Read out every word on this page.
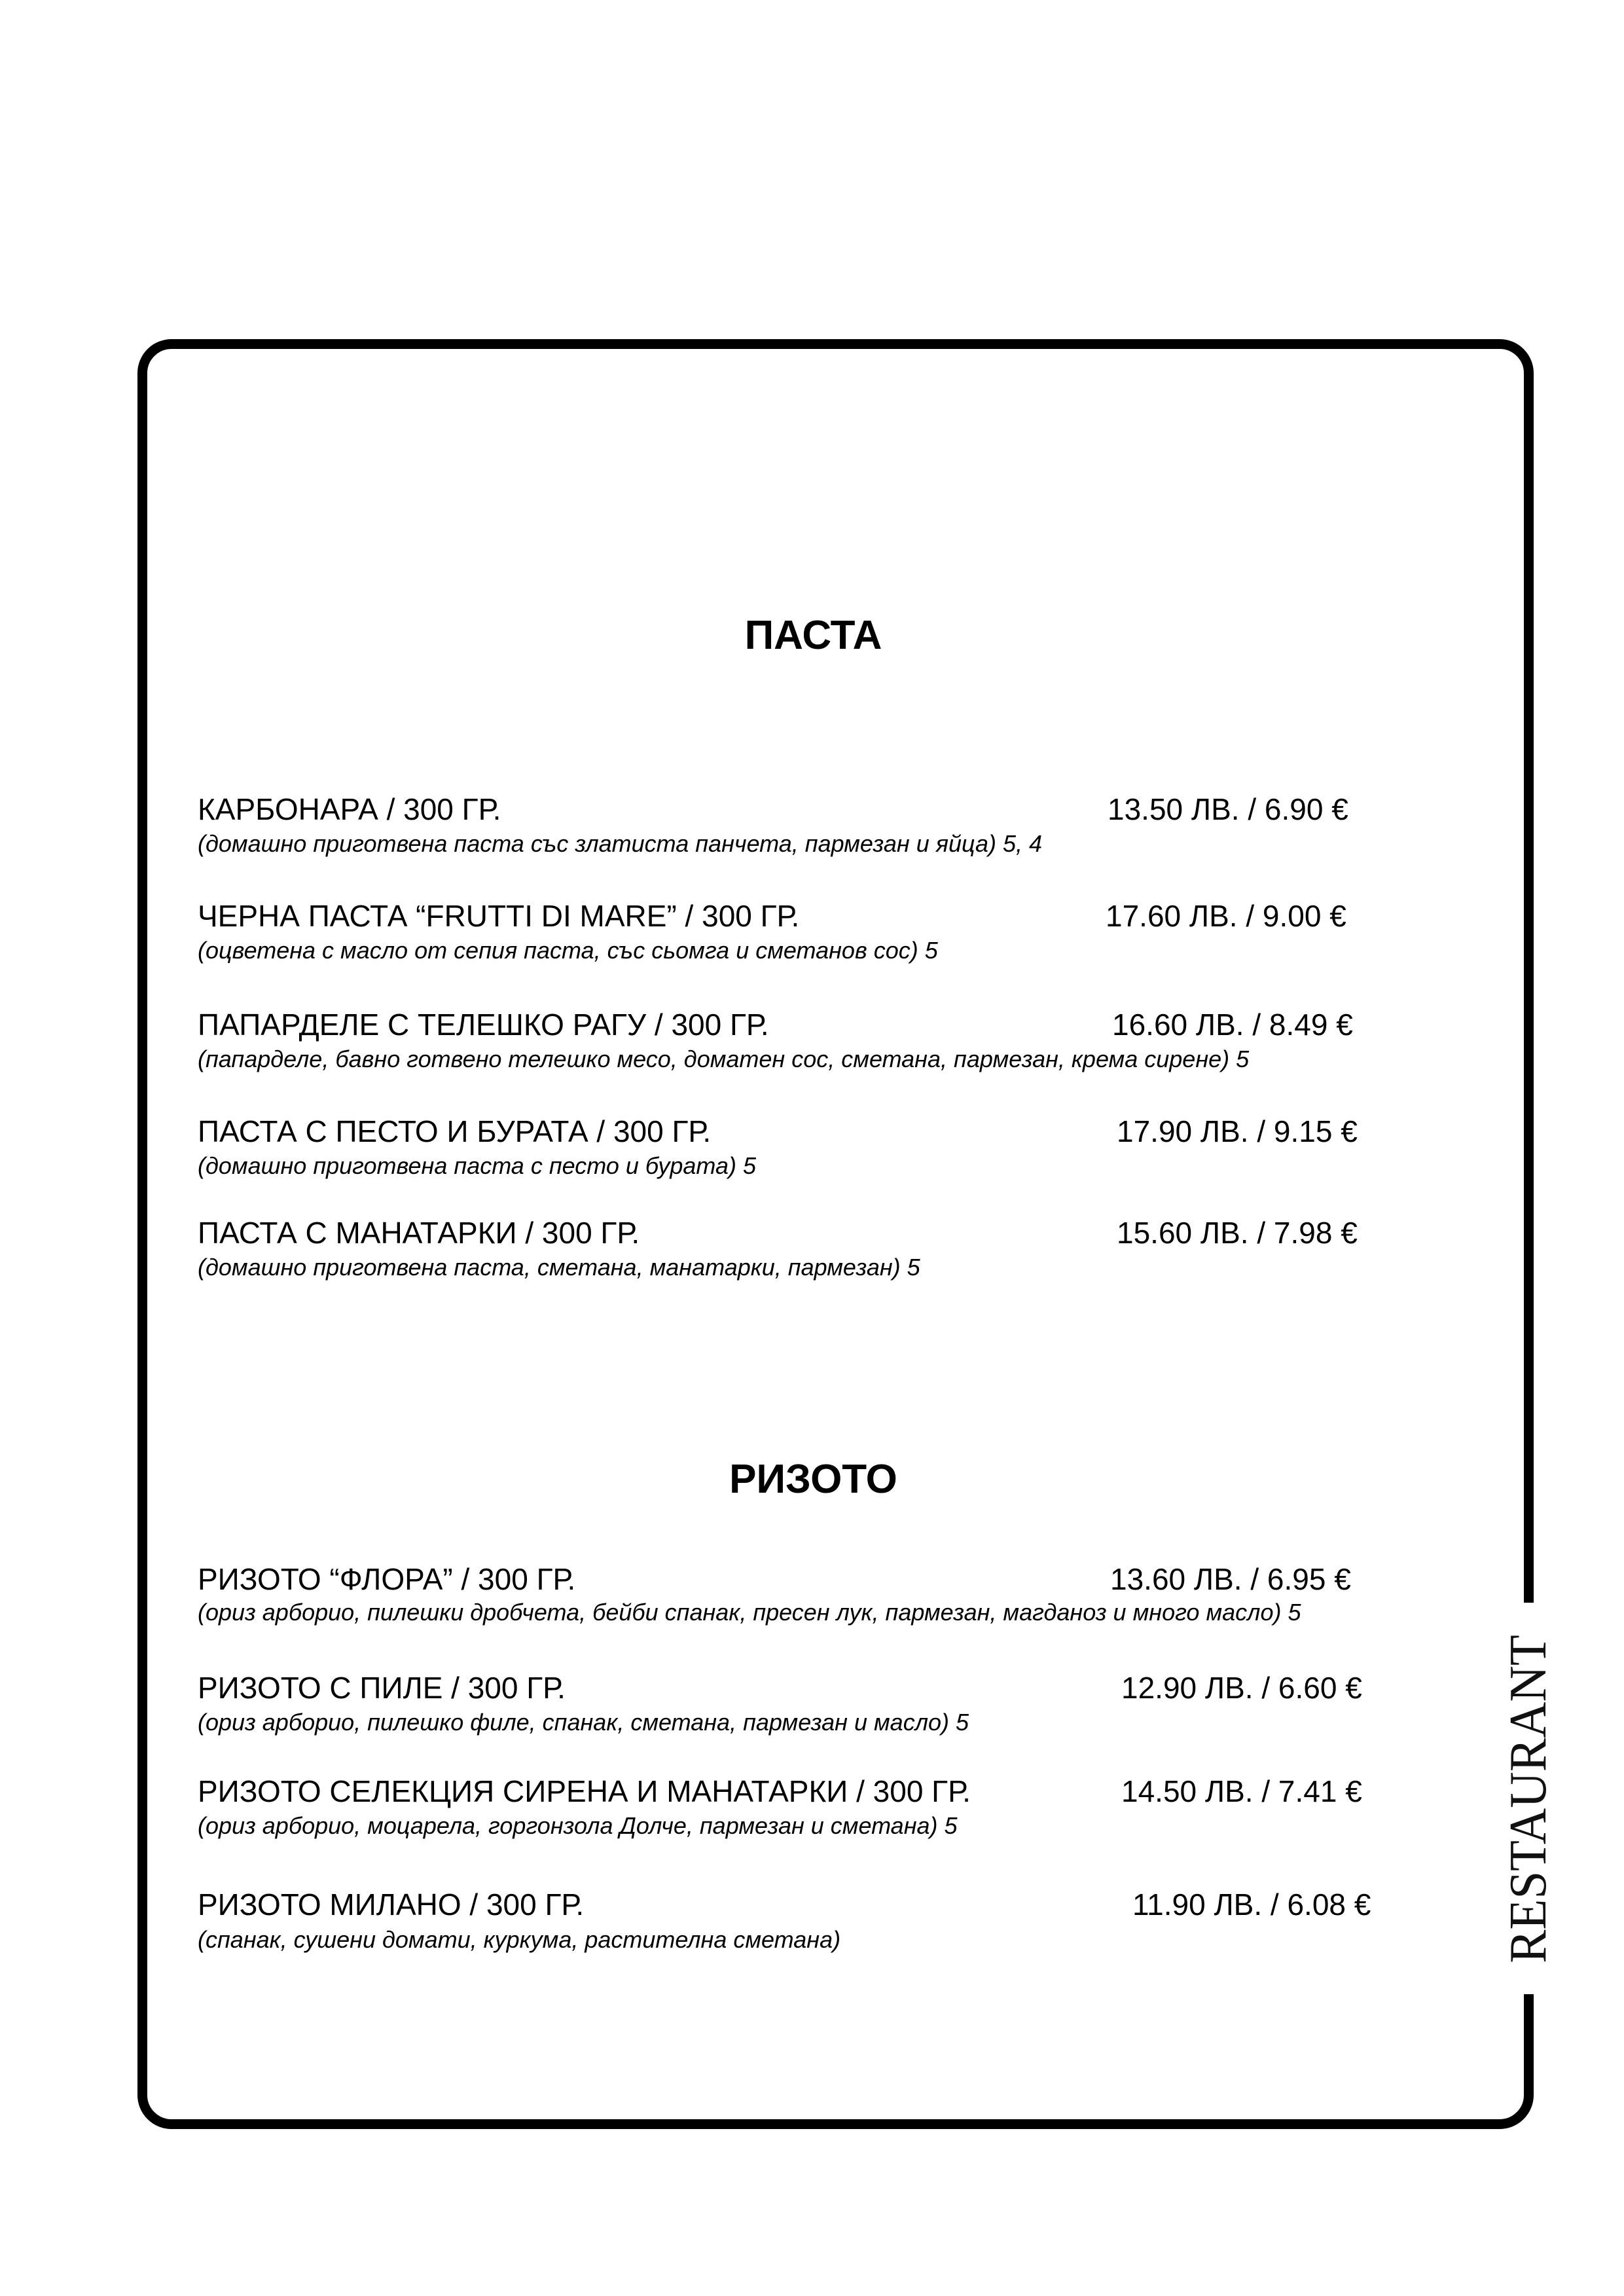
RESTAURANT
ПАСТА
КАРБОНАРА / 300 ГР.	13.50 ЛВ. / 6.90 €
(домашно приготвена паста със златиста панчета, пармезан и яйца) 5, 4
ЧЕРНА ПАСТА “FRUTTI DI MARE” / 300 ГР.	17.60 ЛВ. / 9.00 €
(оцветена с масло от сепия паста, със сьомга и сметанов сос) 5
ПАПАРДЕЛЕ С ТЕЛЕШКО РАГУ / 300 ГР.	16.60 ЛВ. / 8.49 €
(папарделе, бавно готвено телешко месо, доматен сос, сметана, пармезан, крема сирене) 5
ПАСТА С ПЕСТО И БУРАТА / 300 ГР.	17.90 ЛВ. / 9.15 €
(домашно приготвена паста с песто и бурата) 5
ПАСТА С МАНАТАРКИ / 300 ГР.	15.60 ЛВ. / 7.98 €
(домашно приготвена паста, сметана, манатарки, пармезан) 5
РИЗОТО
РИЗОТО “ФЛОРА” / 300 ГР.	13.60 ЛВ. / 6.95 €
(ориз арборио, пилешки дробчета, бейби спанак, пресен лук, пармезан, магданоз и много масло) 5
РИЗОТО С ПИЛЕ / 300 ГР.	12.90 ЛВ. / 6.60 €
(ориз арборио, пилешко филе, спанак, сметана, пармезан и масло) 5
РИЗОТО СЕЛЕКЦИЯ СИРЕНА И МАНАТАРКИ / 300 ГР.	14.50 ЛВ. / 7.41 €
(ориз арборио, моцарела, горгонзола Долче, пармезан и сметана) 5
РИЗОТО МИЛАНО / 300 ГР.	11.90 ЛВ. / 6.08 €
(спанак, сушени домати, куркума, растителна сметана)
